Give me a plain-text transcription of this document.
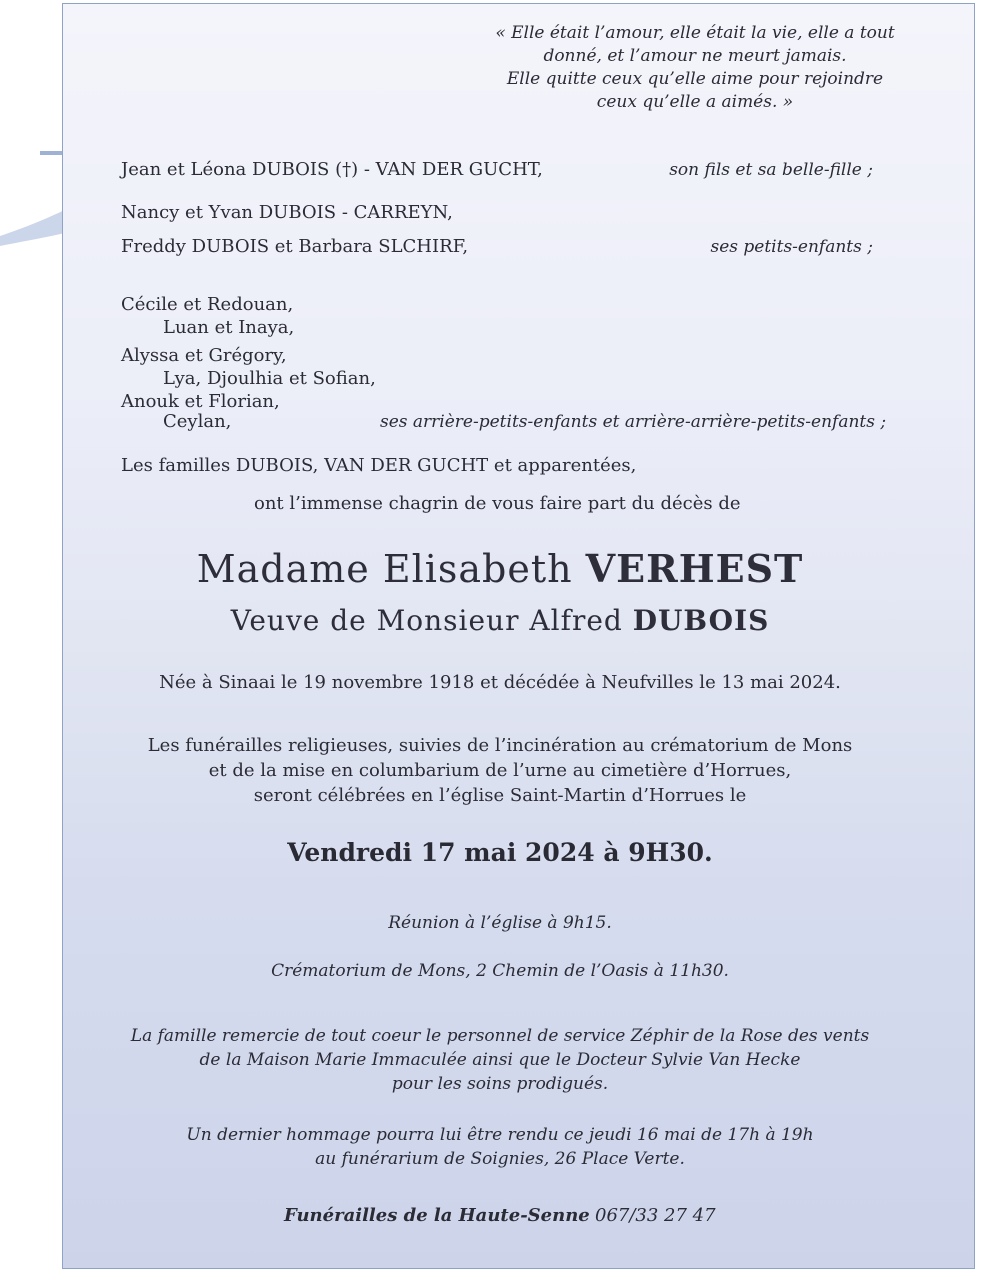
« Elle était l’amour, elle était la vie, elle a tout
donné, et l’amour ne meurt jamais.
Elle quitte ceux qu’elle aime pour rejoindre
ceux qu’elle a aimés. »
Jean et Léona DUBOIS (†) - VAN DER GUCHT,	son fils et sa belle-fille ;
Nancy et Yvan DUBOIS - CARREYN,
Freddy DUBOIS et Barbara SLCHIRF,	ses petits-enfants ;
Cécile et Redouan,
Luan et Inaya,
Alyssa et Grégory,
Lya, Djoulhia et Sofian,
Anouk et Florian,
Ceylan,	ses arrière-petits-enfants et arrière-arrière-petits-enfants ;
Les familles DUBOIS, VAN DER GUCHT et apparentées,
ont l’immense chagrin de vous faire part du décès de
Madame Elisabeth VERHEST
Veuve de Monsieur Alfred DUBOIS
Née à Sinaai le 19 novembre 1918 et décédée à Neufvilles le 13 mai 2024.
Les funérailles religieuses, suivies de l’incinération au crématorium de Mons
et de la mise en columbarium de l’urne au cimetière d’Horrues,
seront célébrées en l’église Saint-Martin d’Horrues le
Vendredi 17 mai 2024 à 9H30.
Réunion à l’église à 9h15.
Crématorium de Mons, 2 Chemin de l’Oasis à 11h30.
La famille remercie de tout coeur le personnel de service Zéphir de la Rose des vents
de la Maison Marie Immaculée ainsi que le Docteur Sylvie Van Hecke
pour les soins prodigués.
Un dernier hommage pourra lui être rendu ce jeudi 16 mai de 17h à 19h
au funérarium de Soignies, 26 Place Verte.
Funérailles de la Haute-Senne 067/33 27 47
